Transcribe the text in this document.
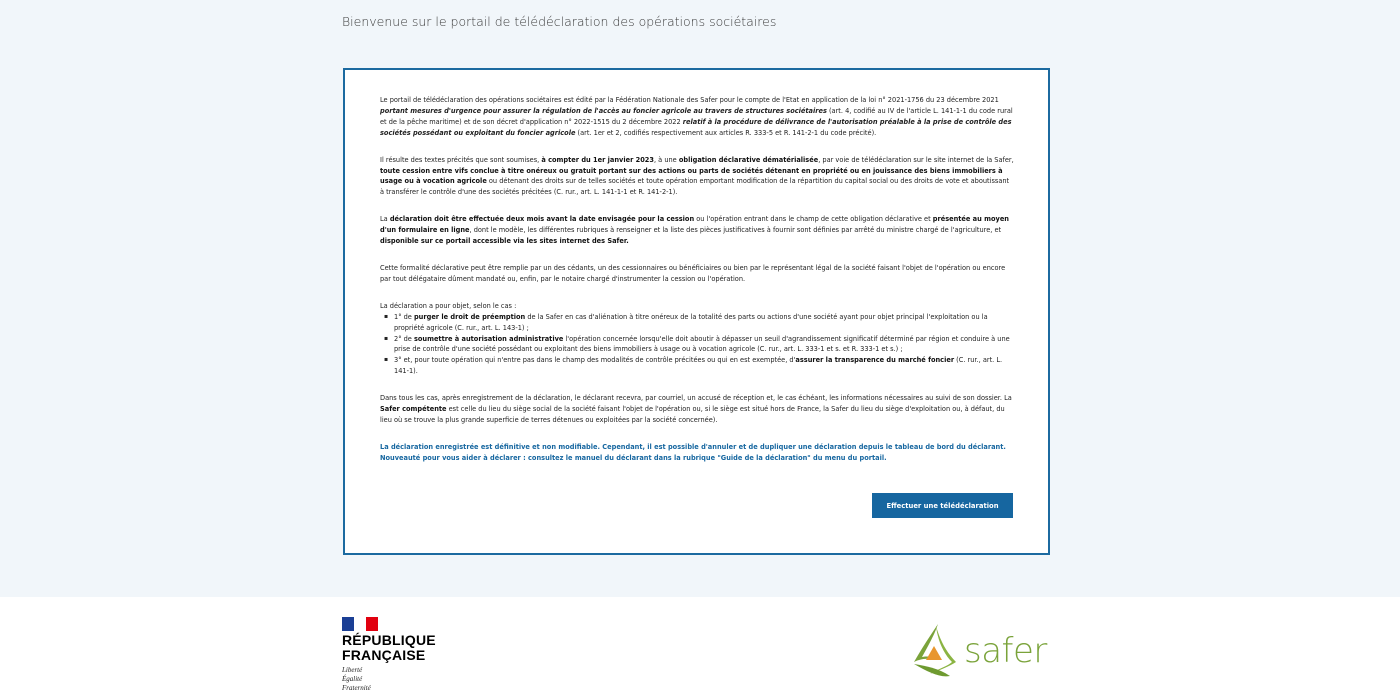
Bienvenue sur le portail de télédéclaration des opérations sociétaires

Le portail de télédéclaration des opérations sociétaires est édité par la Fédération Nationale des Safer pour le compte de l'Etat en application de la loi n° 2021-1756 du 23 décembre 2021 portant mesures d'urgence pour assurer la régulation de l'accès au foncier agricole au travers de structures sociétaires (art. 4, codifié au IV de l'article L. 141-1-1 du code rural et de la pêche maritime) et de son décret d'application n° 2022-1515 du 2 décembre 2022 relatif à la procédure de délivrance de l'autorisation préalable à la prise de contrôle des sociétés possédant ou exploitant du foncier agricole (art. 1er et 2, codifiés respectivement aux articles R. 333-5 et R. 141-2-1 du code précité).

Il résulte des textes précités que sont soumises, à compter du 1er janvier 2023, à une obligation déclarative dématérialisée, par voie de télédéclaration sur le site internet de la Safer, toute cession entre vifs conclue à titre onéreux ou gratuit portant sur des actions ou parts de sociétés détenant en propriété ou en jouissance des biens immobiliers à usage ou à vocation agricole ou détenant des droits sur de telles sociétés et toute opération emportant modification de la répartition du capital social ou des droits de vote et aboutissant à transférer le contrôle d'une des sociétés précitées (C. rur., art. L. 141-1-1 et R. 141-2-1).

La déclaration doit être effectuée deux mois avant la date envisagée pour la cession ou l'opération entrant dans le champ de cette obligation déclarative et présentée au moyen d'un formulaire en ligne, dont le modèle, les différentes rubriques à renseigner et la liste des pièces justificatives à fournir sont définies par arrêté du ministre chargé de l'agriculture, et disponible sur ce portail accessible via les sites internet des Safer.

Cette formalité déclarative peut être remplie par un des cédants, un des cessionnaires ou bénéficiaires ou bien par le représentant légal de la société faisant l'objet de l'opération ou encore par tout délégataire dûment mandaté ou, enfin, par le notaire chargé d'instrumenter la cession ou l'opération.

La déclaration a pour objet, selon le cas :
▪ 1° de purger le droit de préemption de la Safer en cas d'aliénation à titre onéreux de la totalité des parts ou actions d'une société ayant pour objet principal l'exploitation ou la propriété agricole (C. rur., art. L. 143-1) ;
▪ 2° de soumettre à autorisation administrative l'opération concernée lorsqu'elle doit aboutir à dépasser un seuil d'agrandissement significatif déterminé par région et conduire à une prise de contrôle d'une société possédant ou exploitant des biens immobiliers à usage ou à vocation agricole (C. rur., art. L. 333-1 et s. et R. 333-1 et s.) ;
▪ 3° et, pour toute opération qui n'entre pas dans le champ des modalités de contrôle précitées ou qui en est exemptée, d'assurer la transparence du marché foncier (C. rur., art. L. 141-1).

Dans tous les cas, après enregistrement de la déclaration, le déclarant recevra, par courriel, un accusé de réception et, le cas échéant, les informations nécessaires au suivi de son dossier. La Safer compétente est celle du lieu du siège social de la société faisant l'objet de l'opération ou, si le siège est situé hors de France, la Safer du lieu du siège d'exploitation ou, à défaut, du lieu où se trouve la plus grande superficie de terres détenues ou exploitées par la société concernée).

La déclaration enregistrée est définitive et non modifiable. Cependant, il est possible d'annuler et de dupliquer une déclaration depuis le tableau de bord du déclarant. Nouveauté pour vous aider à déclarer : consultez le manuel du déclarant dans la rubrique "Guide de la déclaration" du menu du portail.

Effectuer une télédéclaration
RÉPUBLIQUE
FRANÇAISE
Liberté
Égalité
Fraternité
safer
